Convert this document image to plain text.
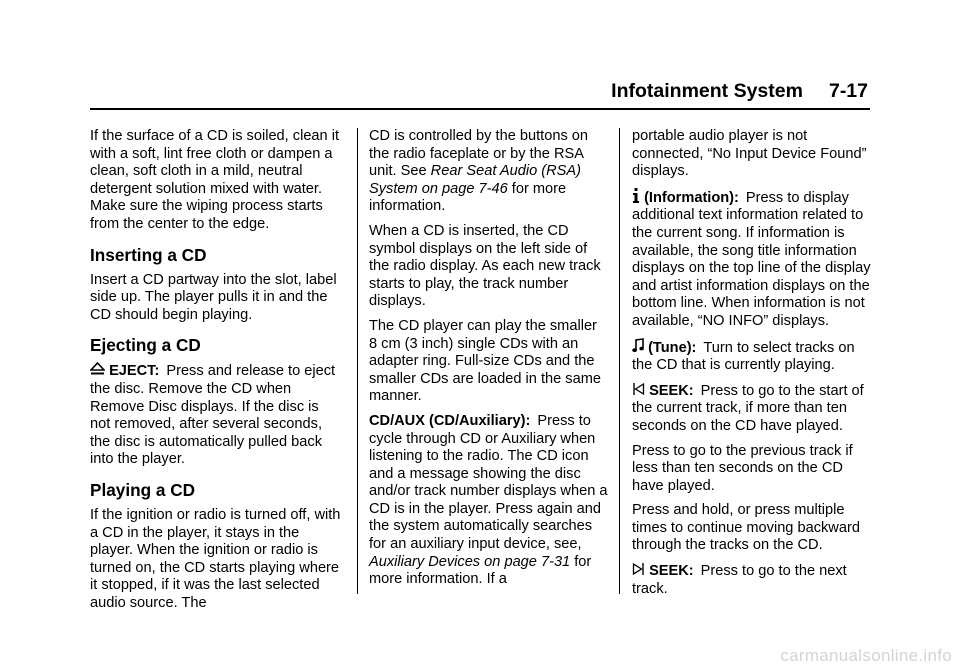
Infotainment System 7-17

If the surface of a CD is soiled, clean it with a soft, lint free cloth or dampen a clean, soft cloth in a mild, neutral detergent solution mixed with water. Make sure the wiping process starts from the center to the edge.

Inserting a CD

Insert a CD partway into the slot, label side up. The player pulls it in and the CD should begin playing.

Ejecting a CD

EJECT: Press and release to eject the disc. Remove the CD when Remove Disc displays. If the disc is not removed, after several seconds, the disc is automatically pulled back into the player.

Playing a CD

If the ignition or radio is turned off, with a CD in the player, it stays in the player. When the ignition or radio is turned on, the CD starts playing where it stopped, if it was the last selected audio source. The

CD is controlled by the buttons on the radio faceplate or by the RSA unit. See Rear Seat Audio (RSA) System on page 7-46 for more information.

When a CD is inserted, the CD symbol displays on the left side of the radio display. As each new track starts to play, the track number displays.

The CD player can play the smaller 8 cm (3 inch) single CDs with an adapter ring. Full-size CDs and the smaller CDs are loaded in the same manner.

CD/AUX (CD/Auxiliary): Press to cycle through CD or Auxiliary when listening to the radio. The CD icon and a message showing the disc and/or track number displays when a CD is in the player. Press again and the system automatically searches for an auxiliary input device, see, Auxiliary Devices on page 7-31 for more information. If a

portable audio player is not connected, “No Input Device Found” displays.

(Information): Press to display additional text information related to the current song. If information is available, the song title information displays on the top line of the display and artist information displays on the bottom line. When information is not available, “NO INFO” displays.

(Tune): Turn to select tracks on the CD that is currently playing.

SEEK: Press to go to the start of the current track, if more than ten seconds on the CD have played.

Press to go to the previous track if less than ten seconds on the CD have played.

Press and hold, or press multiple times to continue moving backward through the tracks on the CD.

SEEK: Press to go to the next track.

carmanualsonline.info
